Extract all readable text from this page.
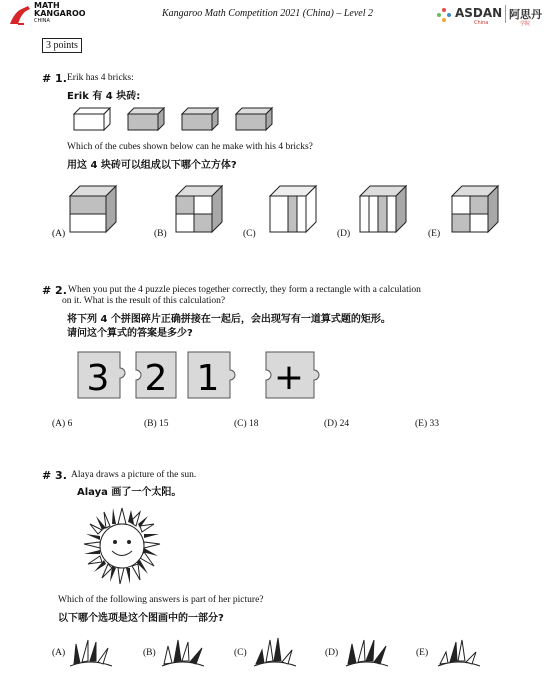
MATH
KANGAROO
CHINA
Kangaroo Math Competition 2021 (China) – Level 2	ASDAN
China
阿思丹
学院
3 points
# 1. Erik has 4 bricks:
Erik 有 4 块砖:
Which of the cubes shown below can he make with his 4 bricks?
用这 4 块砖可以组成以下哪个立方体?
(A)	(B)	(C)	(D)	(E)
# 2. When you put the 4 puzzle pieces together correctly, they form a rectangle with a calculation
on it. What is the result of this calculation?
将下列 4 个拼图碎片正确拼接在一起后，会出现写有一道算式题的矩形。
请问这个算式的答案是多少?
3 2 1 +
(A) 6	(B) 15	(C) 18	(D) 24	(E) 33
# 3. Alaya draws a picture of the sun.
Alaya 画了一个太阳。
Which of the following answers is part of her picture?
以下哪个选项是这个图画中的一部分?
(A)	(B)	(C)	(D)	(E)
